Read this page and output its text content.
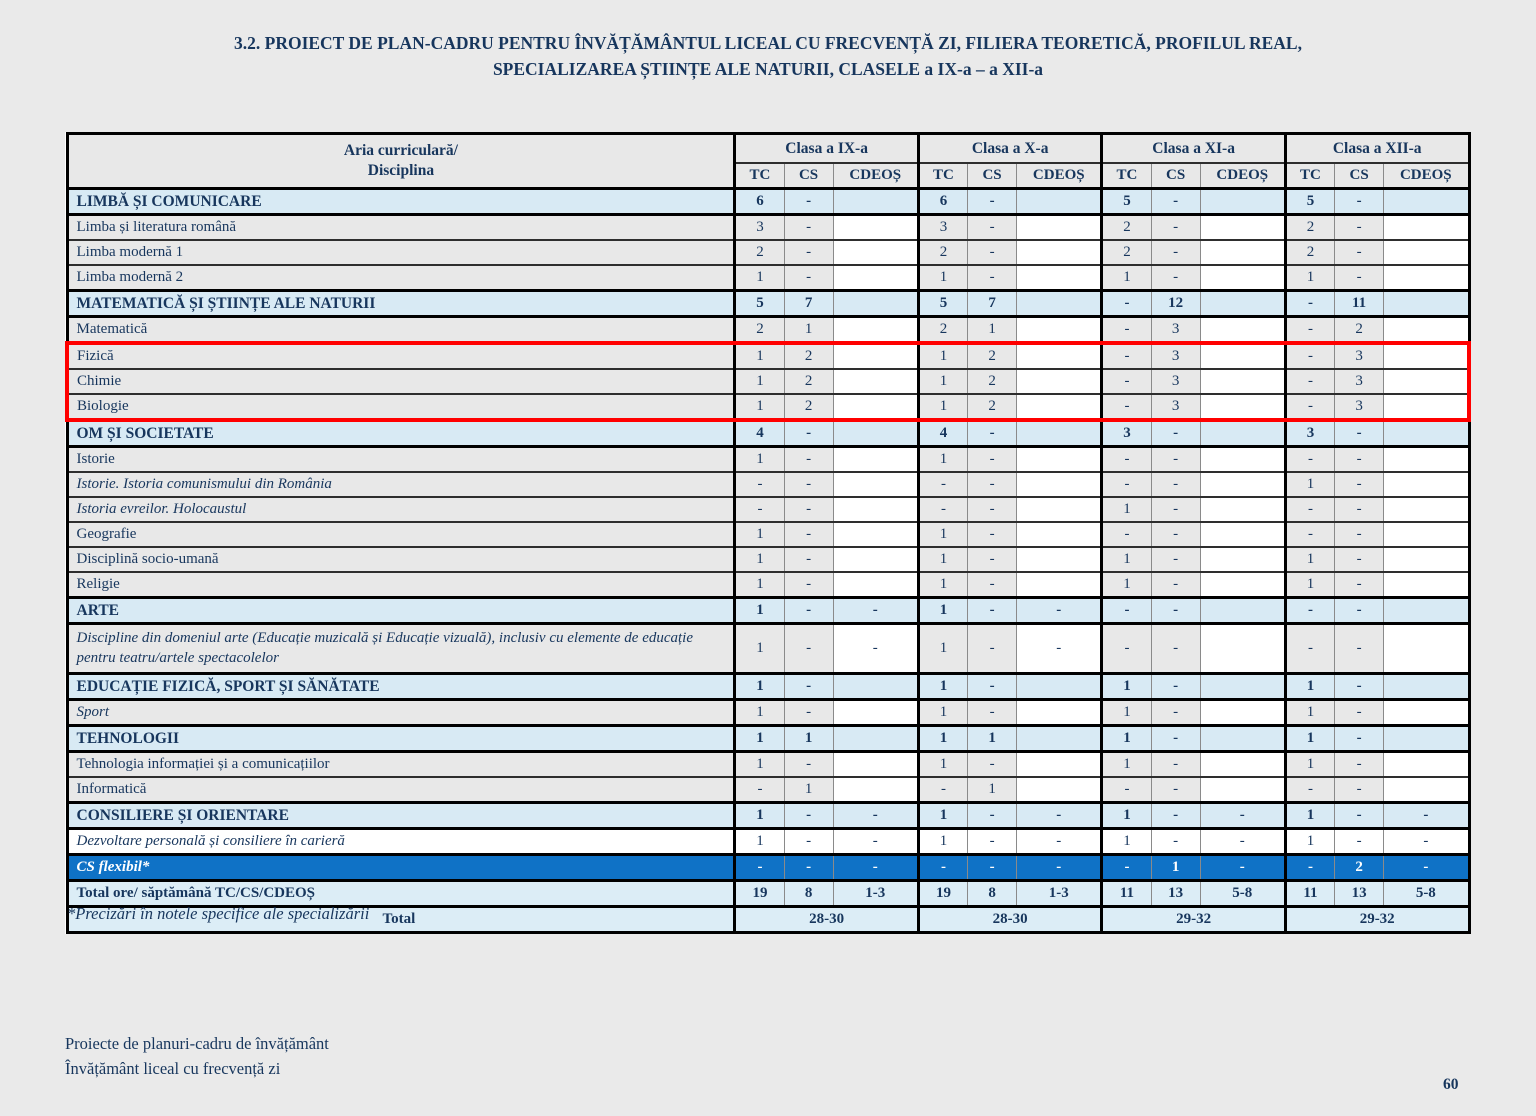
3.2. PROIECT DE PLAN-CADRU PENTRU ÎNVĂȚĂMÂNTUL LICEAL CU FRECVENȚĂ ZI, FILIERA TEORETICĂ, PROFILUL REAL,
SPECIALIZAREA ȘTIINȚE ALE NATURII, CLASELE a IX-a – a XII-a
Aria curriculară/
Disciplina	Clasa a IX-a			Clasa a X-a			Clasa a XI-a			Clasa a XII-a		
	TC	CS	CDEOȘ	TC	CS	CDEOȘ	TC	CS	CDEOȘ	TC	CS	CDEOȘ
LIMBĂ ȘI COMUNICARE	6	-		6	-		5	-		5	-	
Limba și literatura română	3	-		3	-		2	-		2	-	
Limba modernă 1	2	-		2	-		2	-		2	-	
Limba modernă 2	1	-		1	-		1	-		1	-	
MATEMATICĂ ȘI ȘTIINȚE ALE NATURII	5	7		5	7		-	12		-	11	
Matematică	2	1		2	1		-	3		-	2	
Fizică	1	2		1	2		-	3		-	3	
Chimie	1	2		1	2		-	3		-	3	
Biologie	1	2		1	2		-	3		-	3	
OM ȘI SOCIETATE	4	-		4	-		3	-		3	-	
Istorie	1	-		1	-		-	-		-	-	
Istorie. Istoria comunismului din România	-	-		-	-		-	-		1	-	
Istoria evreilor. Holocaustul	-	-		-	-		1	-		-	-	
Geografie	1	-		1	-		-	-		-	-	
Disciplină socio-umană	1	-		1	-		1	-		1	-	
Religie	1	-		1	-		1	-		1	-	
ARTE	1	-	-	1	-	-	-	-		-	-	
Discipline din domeniul arte (Educație muzicală și Educație vizuală), inclusiv cu elemente de educație pentru teatru/artele spectacolelor	1	-	-	1	-	-	-	-		-	-	
EDUCAȚIE FIZICĂ, SPORT ȘI SĂNĂTATE	1	-		1	-		1	-		1	-	
Sport	1	-		1	-		1	-		1	-	
TEHNOLOGII	1	1		1	1		1	-		1	-	
Tehnologia informației și a comunicațiilor	1	-		1	-		1	-		1	-	
Informatică	-	1		-	1		-	-		-	-	
CONSILIERE ȘI ORIENTARE	1	-	-	1	-	-	1	-	-	1	-	-
Dezvoltare personală și consiliere în carieră	1	-	-	1	-	-	1	-	-	1	-	-
CS flexibil*	-	-	-	-	-	-	-	1	-	-	2	-
Total ore/ săptămână TC/CS/CDEOȘ	19	8	1-3	19	8	1-3	11	13	5-8	11	13	5-8
Total	28-30			28-30			29-32			29-32		
*Precizări în notele specifice ale specializării
Proiecte de planuri-cadru de învățământ
Învățământ liceal cu frecvență zi
60
